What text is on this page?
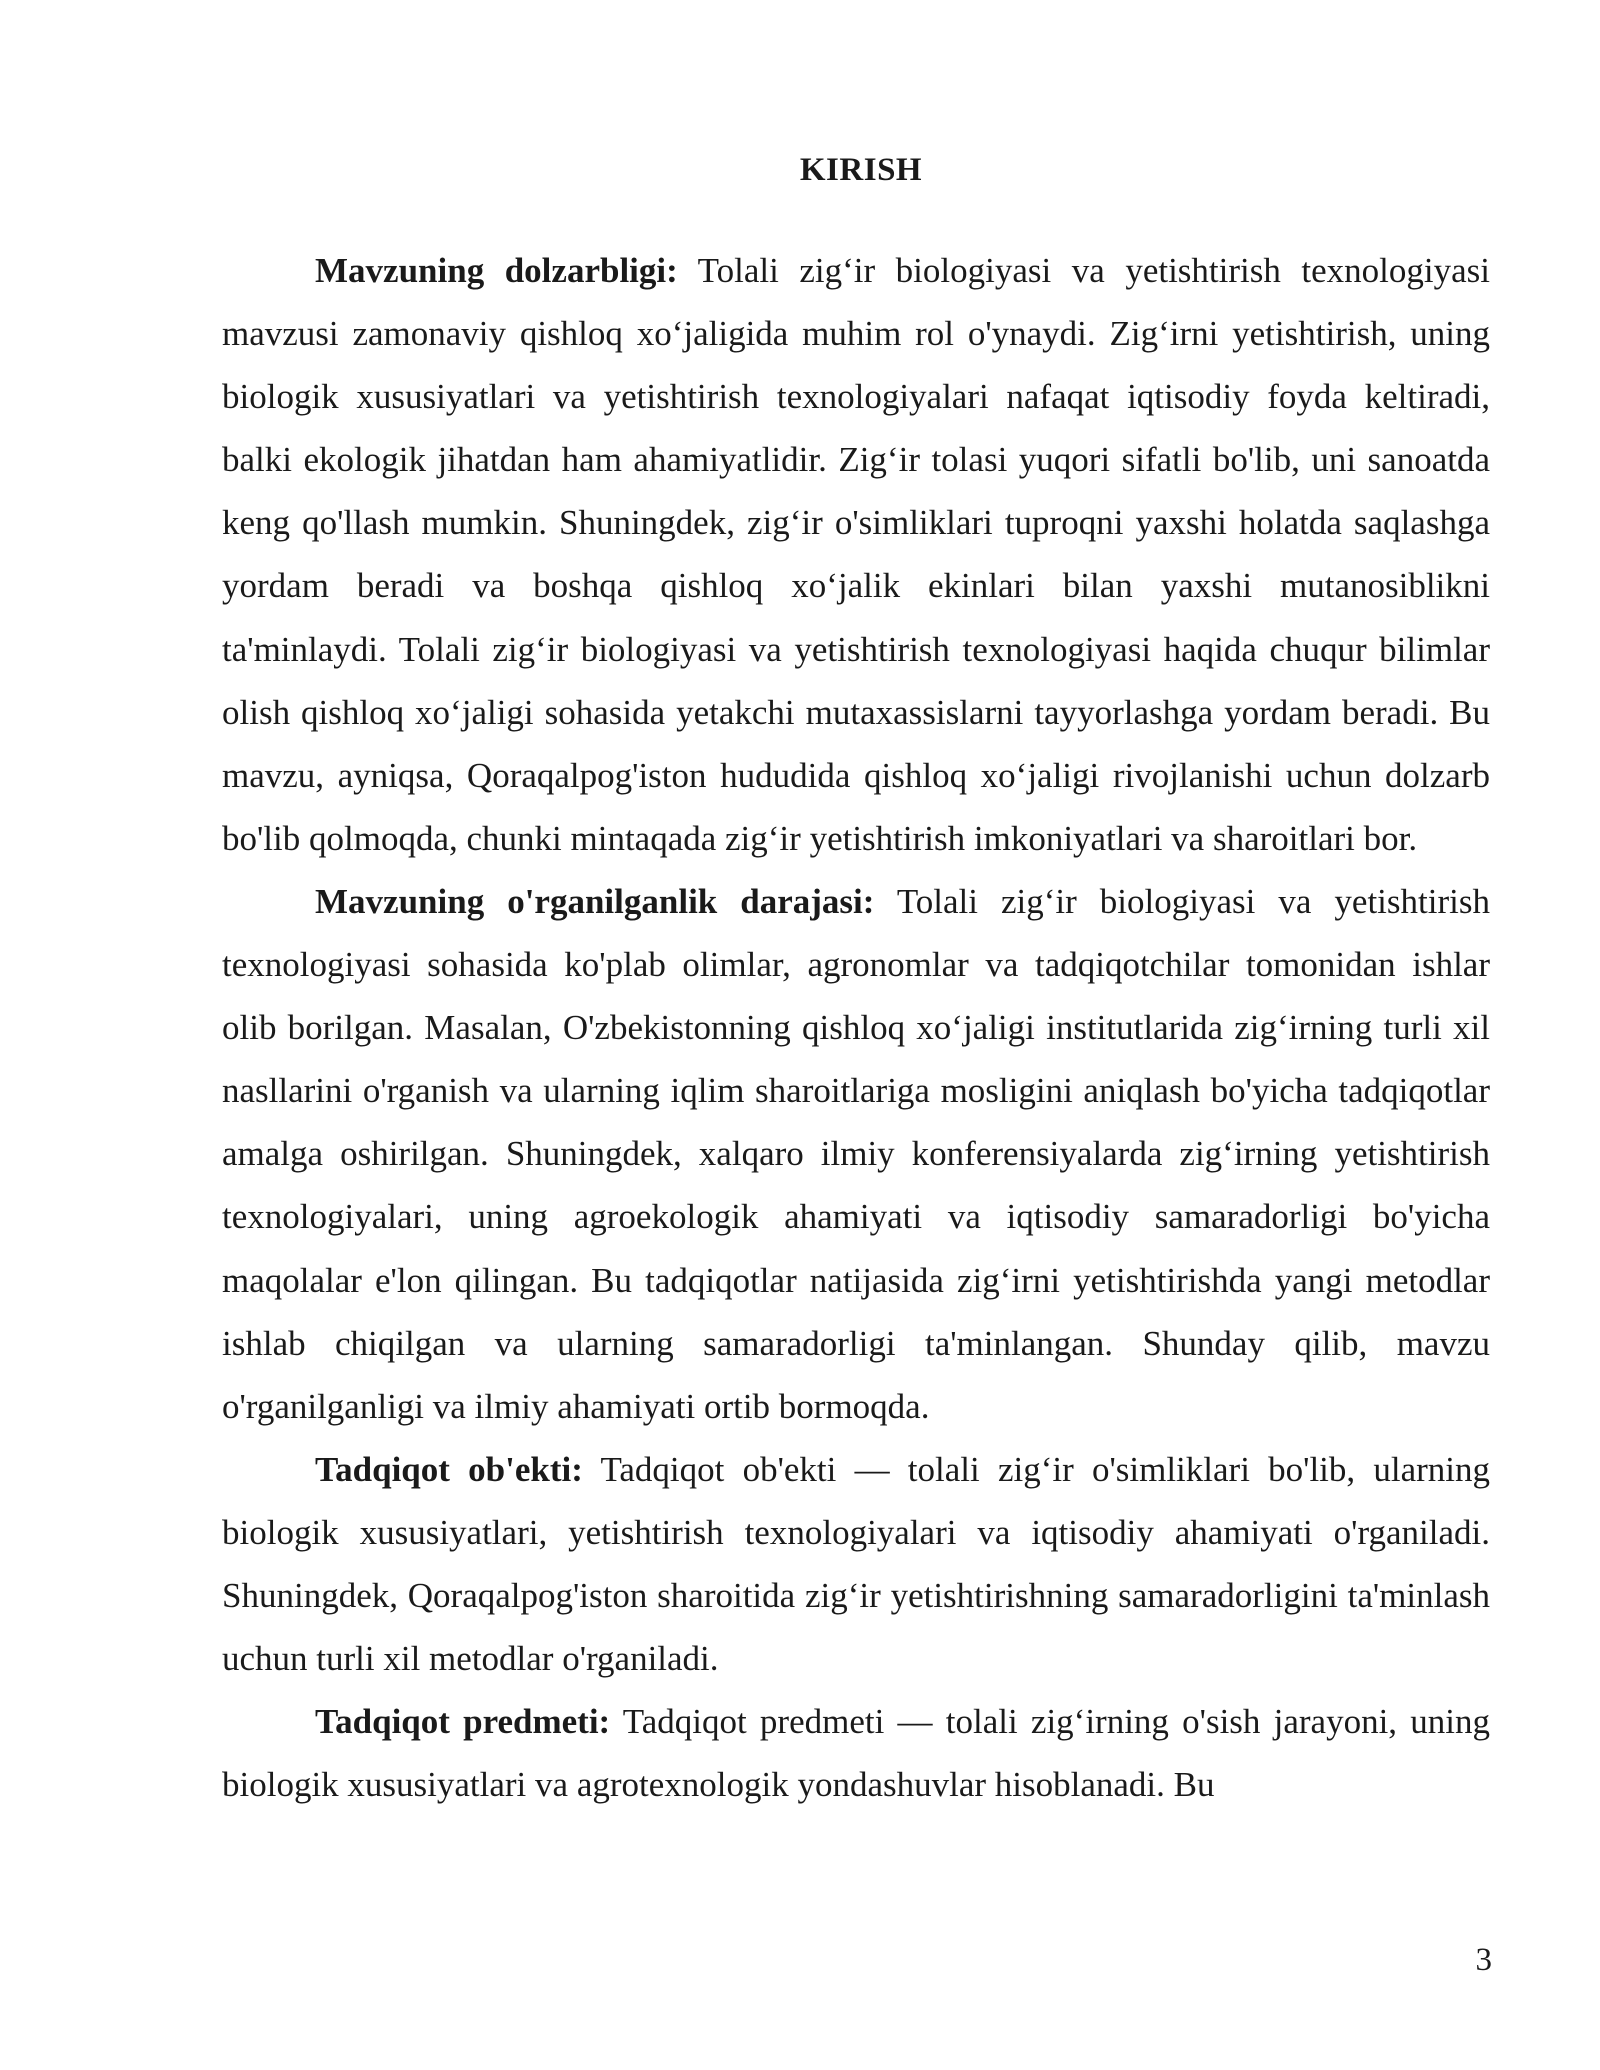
KIRISH

Mavzuning dolzarbligi: Tolali zig‘ir biologiyasi va yetishtirish texnologiyasi mavzusi zamonaviy qishloq xo‘jaligida muhim rol o'ynaydi. Zig‘irni yetishtirish, uning biologik xususiyatlari va yetishtirish texnologiyalari nafaqat iqtisodiy foyda keltiradi, balki ekologik jihatdan ham ahamiyatlidir. Zig‘ir tolasi yuqori sifatli bo'lib, uni sanoatda keng qo'llash mumkin. Shuningdek, zig‘ir o'simliklari tuproqni yaxshi holatda saqlashga yordam beradi va boshqa qishloq xo‘jalik ekinlari bilan yaxshi mutanosiblikni ta'minlaydi. Tolali zig‘ir biologiyasi va yetishtirish texnologiyasi haqida chuqur bilimlar olish qishloq xo‘jaligi sohasida yetakchi mutaxassislarni tayyorlashga yordam beradi. Bu mavzu, ayniqsa, Qoraqalpog'iston hududida qishloq xo‘jaligi rivojlanishi uchun dolzarb bo'lib qolmoqda, chunki mintaqada zig‘ir yetishtirish imkoniyatlari va sharoitlari bor.

Mavzuning o'rganilganlik darajasi: Tolali zig‘ir biologiyasi va yetishtirish texnologiyasi sohasida ko'plab olimlar, agronomlar va tadqiqotchilar tomonidan ishlar olib borilgan. Masalan, O'zbekistonning qishloq xo‘jaligi institutlarida zig‘irning turli xil nasllarini o'rganish va ularning iqlim sharoitlariga mosligini aniqlash bo'yicha tadqiqotlar amalga oshirilgan. Shuningdek, xalqaro ilmiy konferensiyalarda zig‘irning yetishtirish texnologiyalari, uning agroekologik ahamiyati va iqtisodiy samaradorligi bo'yicha maqolalar e'lon qilingan. Bu tadqiqotlar natijasida zig‘irni yetishtirishda yangi metodlar ishlab chiqilgan va ularning samaradorligi ta'minlangan. Shunday qilib, mavzu o'rganilganligi va ilmiy ahamiyati ortib bormoqda.

Tadqiqot ob'ekti: Tadqiqot ob'ekti — tolali zig‘ir o'simliklari bo'lib, ularning biologik xususiyatlari, yetishtirish texnologiyalari va iqtisodiy ahamiyati o'rganiladi. Shuningdek, Qoraqalpog'iston sharoitida zig‘ir yetishtirishning samaradorligini ta'minlash uchun turli xil metodlar o'rganiladi.

Tadqiqot predmeti: Tadqiqot predmeti — tolali zig‘irning o'sish jarayoni, uning biologik xususiyatlari va agrotexnologik yondashuvlar hisoblanadi. Bu

3
